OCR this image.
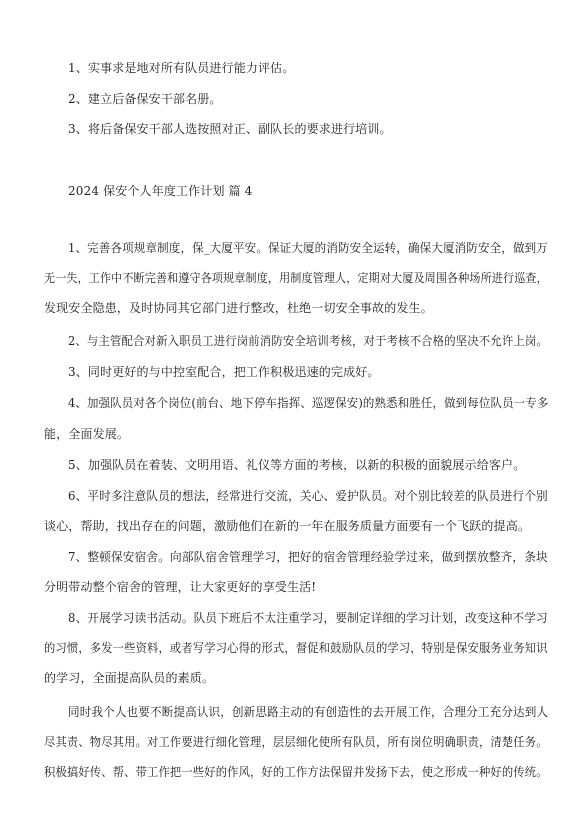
1、实事求是地对所有队员进行能力评估。
2、建立后备保安干部名册。
3、将后备保安干部人选按照对正、副队长的要求进行培训。
2024 保安个人年度工作计划 篇 4
1、完善各项规章制度，保_大厦平安。保证大厦的消防安全运转，确保大厦消防安全，做到万
无一失，工作中不断完善和遵守各项规章制度，用制度管理人，定期对大厦及周围各种场所进行巡查，
发现安全隐患，及时协同其它部门进行整改，杜绝一切安全事故的发生。
2、与主管配合对新入职员工进行岗前消防安全培训考核，对于考核不合格的坚决不允许上岗。
3、同时更好的与中控室配合，把工作积极迅速的完成好。
4、加强队员对各个岗位(前台、地下停车指挥、巡逻保安)的熟悉和胜任，做到每位队员一专多
能，全面发展。
5、加强队员在着装、文明用语、礼仪等方面的考核，以新的积极的面貌展示给客户。
6、平时多注意队员的想法，经常进行交流，关心、爱护队员。对个别比较差的队员进行个别
谈心，帮助，找出存在的问题，激励他们在新的一年在服务质量方面要有一个飞跃的提高。
7、整顿保安宿舍。向部队宿舍管理学习，把好的宿舍管理经验学过来，做到摆放整齐，条块
分明带动整个宿舍的管理，让大家更好的享受生活!
8、开展学习读书活动。队员下班后不太注重学习，要制定详细的学习计划，改变这种不学习
的习惯，多发一些资料，或者写学习心得的形式，督促和鼓励队员的学习，特别是保安服务业务知识
的学习，全面提高队员的素质。
同时我个人也要不断提高认识，创新思路主动的有创造性的去开展工作，合理分工充分达到人
尽其责、物尽其用。对工作要进行细化管理，层层细化使所有队员，所有岗位明确职责，清楚任务。
积极搞好传、帮、带工作把一些好的作风，好的工作方法保留并发扬下去，使之形成一种好的传统。
